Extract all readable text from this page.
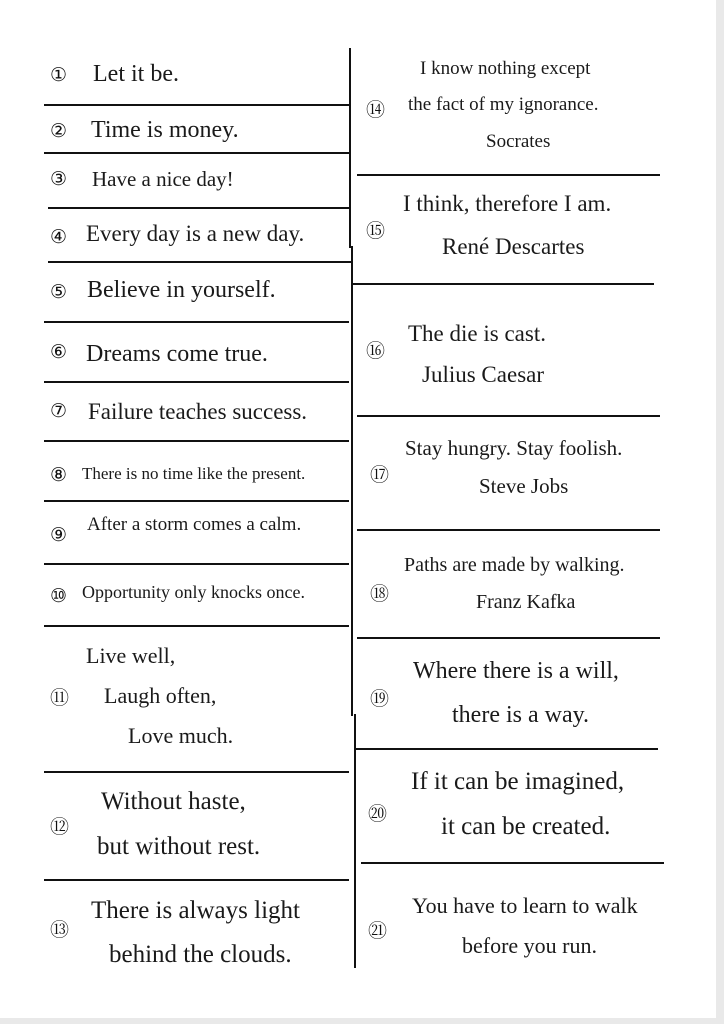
① Let it be.
② Time is money.
③ Have a nice day!
④ Every day is a new day.
⑤ Believe in yourself.
⑥ Dreams come true.
⑦ Failure teaches success.
⑧ There is no time like the present.
⑨ After a storm comes a calm.
⑩ Opportunity only knocks once.
⑪
Live well,
Laugh often,
Love much.
⑫
Without haste,
but without rest.
⑬
There is always light
behind the clouds.
⑭
I know nothing except
the fact of my ignorance.
Socrates
⑮
I think, therefore I am.
René Descartes
⑯
The die is cast.
Julius Caesar
⑰
Stay hungry. Stay foolish.
Steve Jobs
⑱
Paths are made by walking.
Franz Kafka
⑲
Where there is a will,
there is a way.
⑳
If it can be imagined,
it can be created.
㉑
You have to learn to walk
before you run.
